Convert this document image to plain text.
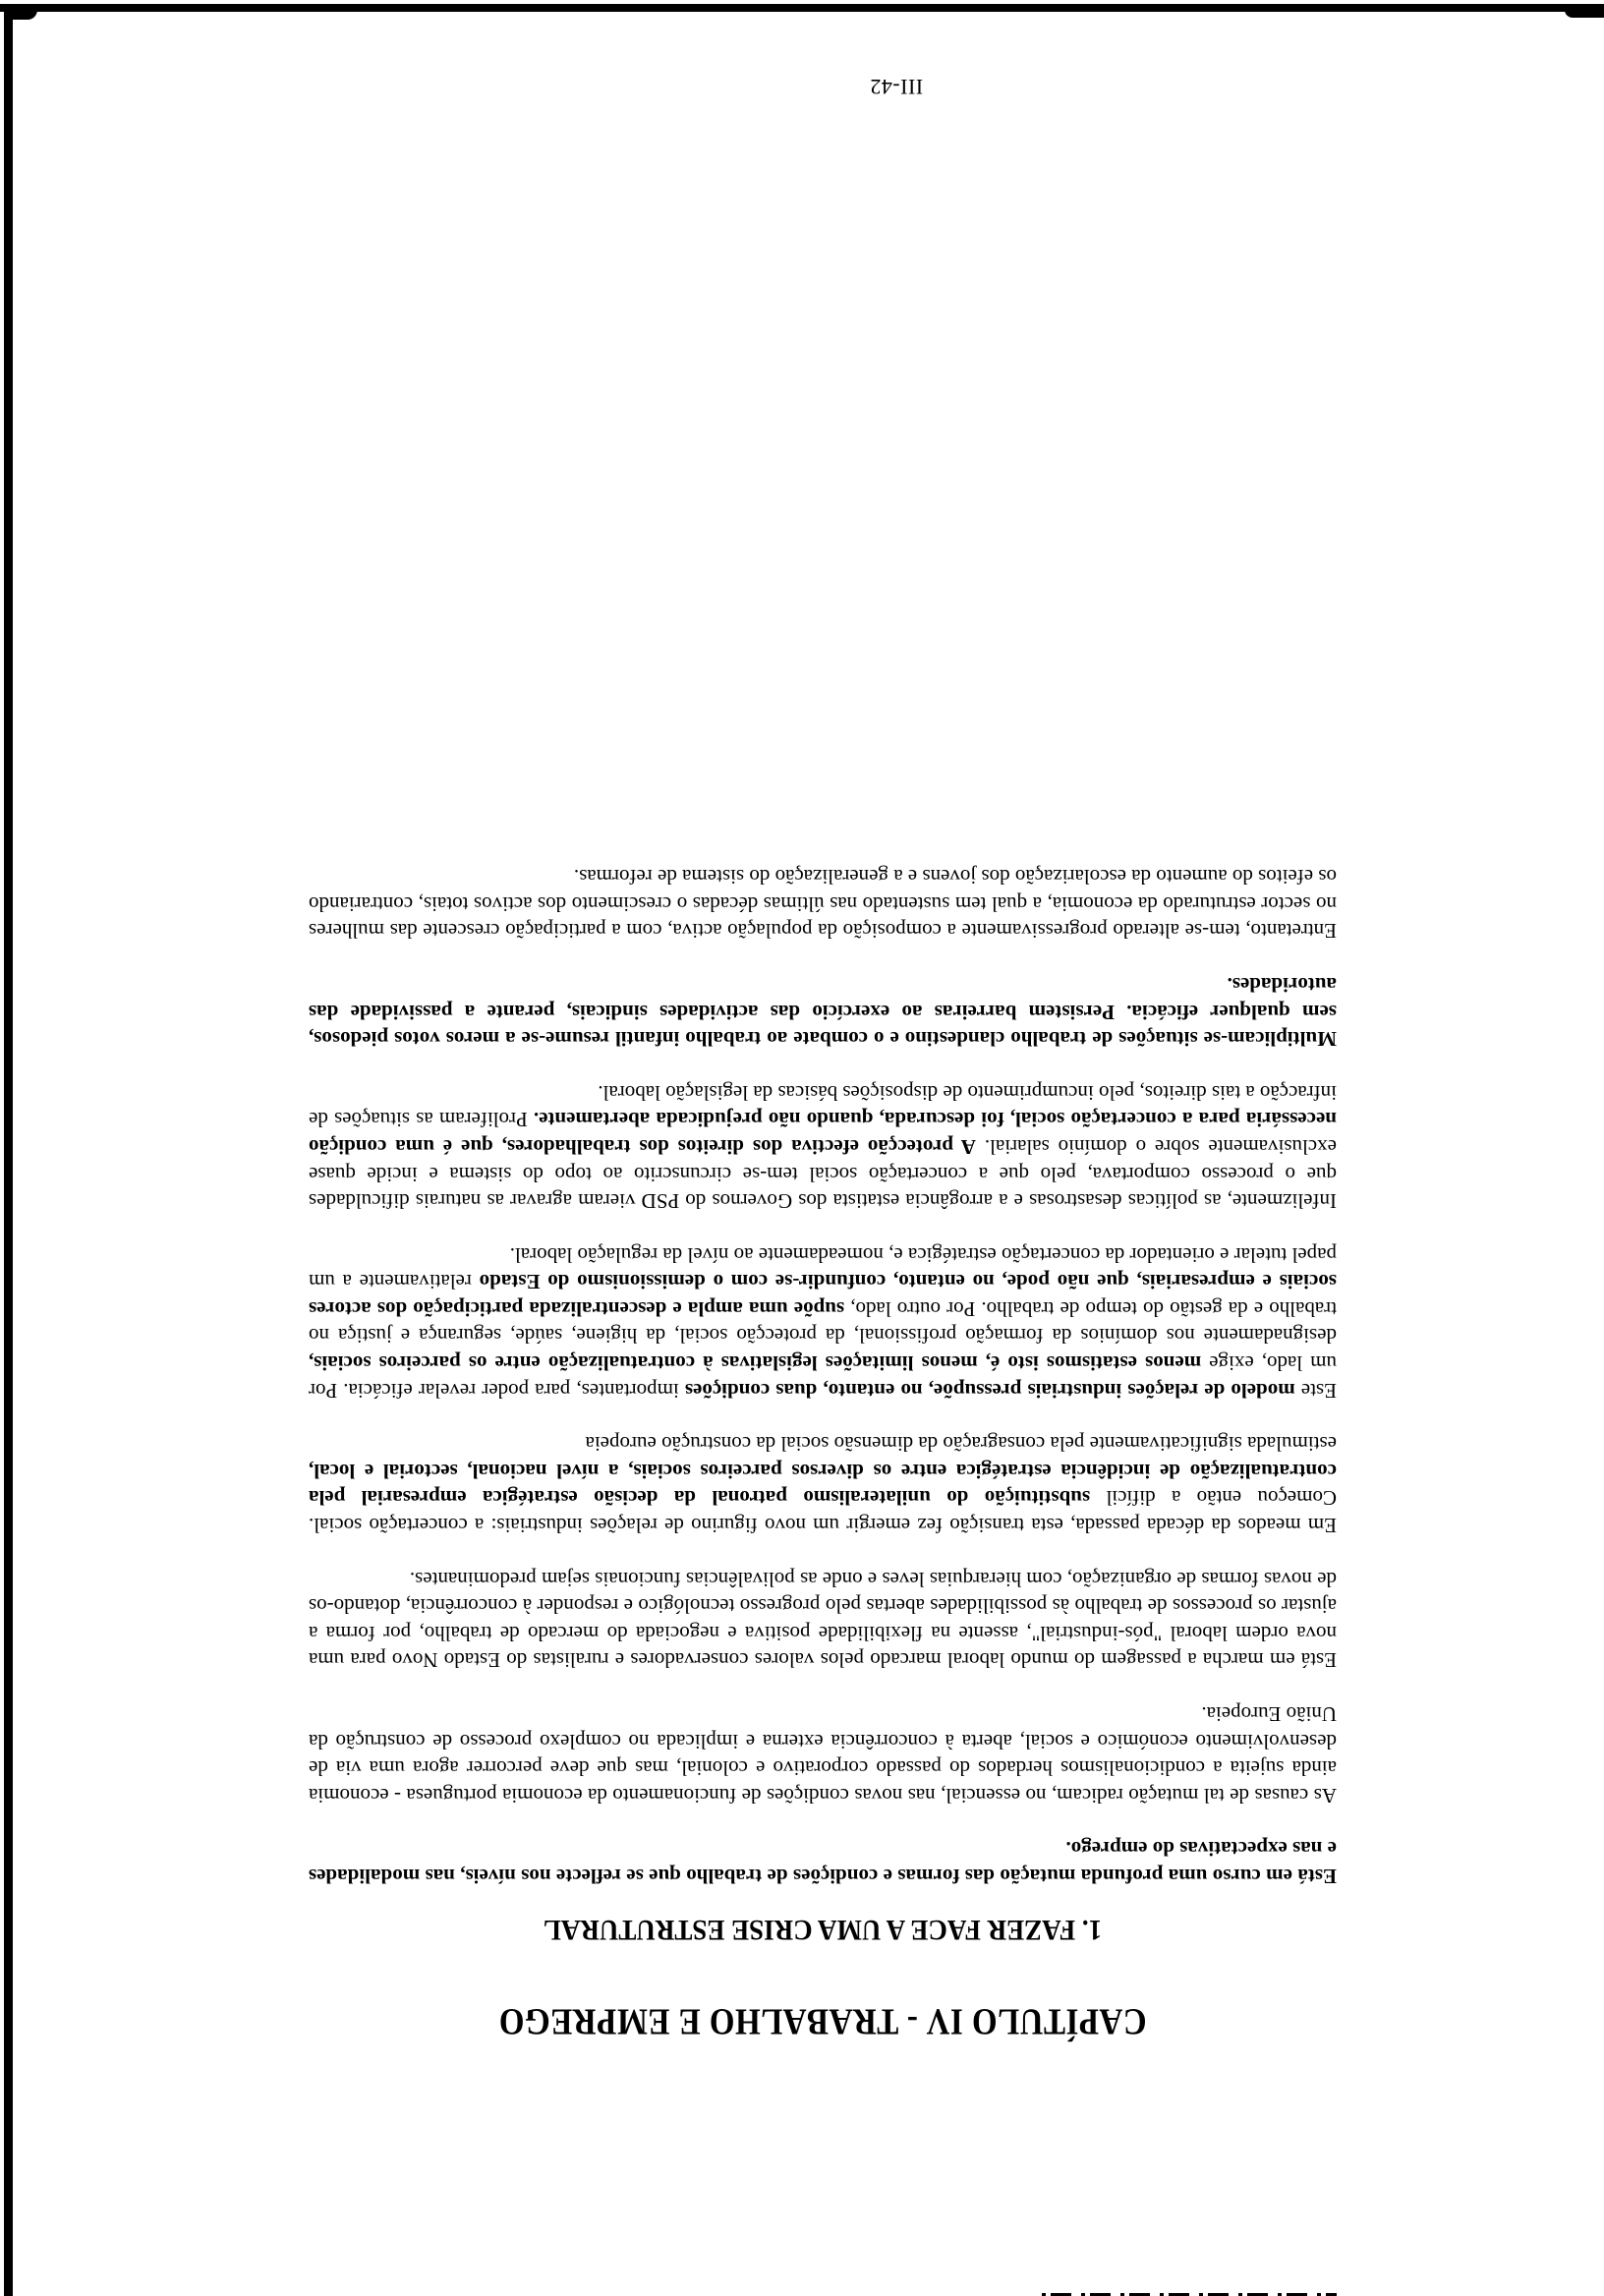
CAPÍTULO IV - TRABALHO E EMPREGO
1. FAZER FACE A UMA CRISE ESTRUTURAL

Está em curso uma profunda mutação das formas e condições de trabalho que se reflecte nos níveis, nas modalidades e nas expectativas do emprego.

As causas de tal mutação radicam, no essencial, nas novas condições de funcionamento da economia portuguesa - economia ainda sujeita a condicionalismos herdados do passado corporativo e colonial, mas que deve percorrer agora uma via de desenvolvimento económico e social, aberta à concorrência externa e implicada no complexo processo de construção da União Europeia.

Está em marcha a passagem do mundo laboral marcado pelos valores conservadores e ruralistas do Estado Novo para uma nova ordem laboral "pós-industrial", assente na flexibilidade positiva e negociada do mercado de trabalho, por forma a ajustar os processos de trabalho às possibilidades abertas pelo progresso tecnológico e responder à concorrência, dotando-os de novas formas de organização, com hierarquias leves e onde as polivalências funcionais sejam predominantes.

Em meados da década passada, esta transição fez emergir um novo figurino de relações industriais: a concertação social. Começou então a difícil substituição do unilateralismo patronal da decisão estratégica empresarial pela contratualização de incidência estratégica entre os diversos parceiros sociais, a nível nacional, sectorial e local, estimulada significativamente pela consagração da dimensão social da construção europeia

Este modelo de relações industriais pressupõe, no entanto, duas condições importantes, para poder revelar eficácia. Por um lado, exige menos estatismos isto é, menos limitações legislativas à contratualização entre os parceiros sociais, designadamente nos domínios da formação profissional, da protecção social, da higiene, saúde, segurança e justiça no trabalho e da gestão do tempo de trabalho. Por outro lado, supõe uma ampla e descentralizada participação dos actores sociais e empresariais, que não pode, no entanto, confundir-se com o demissionismo do Estado relativamente a um papel tutelar e orientador da concertação estratégica e, nomeadamente ao nível da regulação laboral.

Infelizmente, as políticas desastrosas e a arrogância estatista dos Governos do PSD vieram agravar as naturais dificuldades que o processo comportava, pelo que a concertação social tem-se circunscrito ao topo do sistema e incide quase exclusivamente sobre o domínio salarial. A protecção efectiva dos direitos dos trabalhadores, que é uma condição necessária para a concertação social, foi descurada, quando não prejudicada abertamente. Proliferam as situações de infracção a tais direitos, pelo incumprimento de disposições básicas da legislação laboral.

Multiplicam-se situações de trabalho clandestino e o combate ao trabalho infantil resume-se a meros votos piedosos, sem qualquer eficácia. Persistem barreiras ao exercício das actividades sindicais, perante a passividade das autoridades.

Entretanto, tem-se alterado progressivamente a composição da população activa, com a participação crescente das mulheres no sector estruturado da economia, a qual tem sustentado nas últimas décadas o crescimento dos activos totais, contrariando os efeitos do aumento da escolarização dos jovens e a generalização do sistema de reformas.

III-42
